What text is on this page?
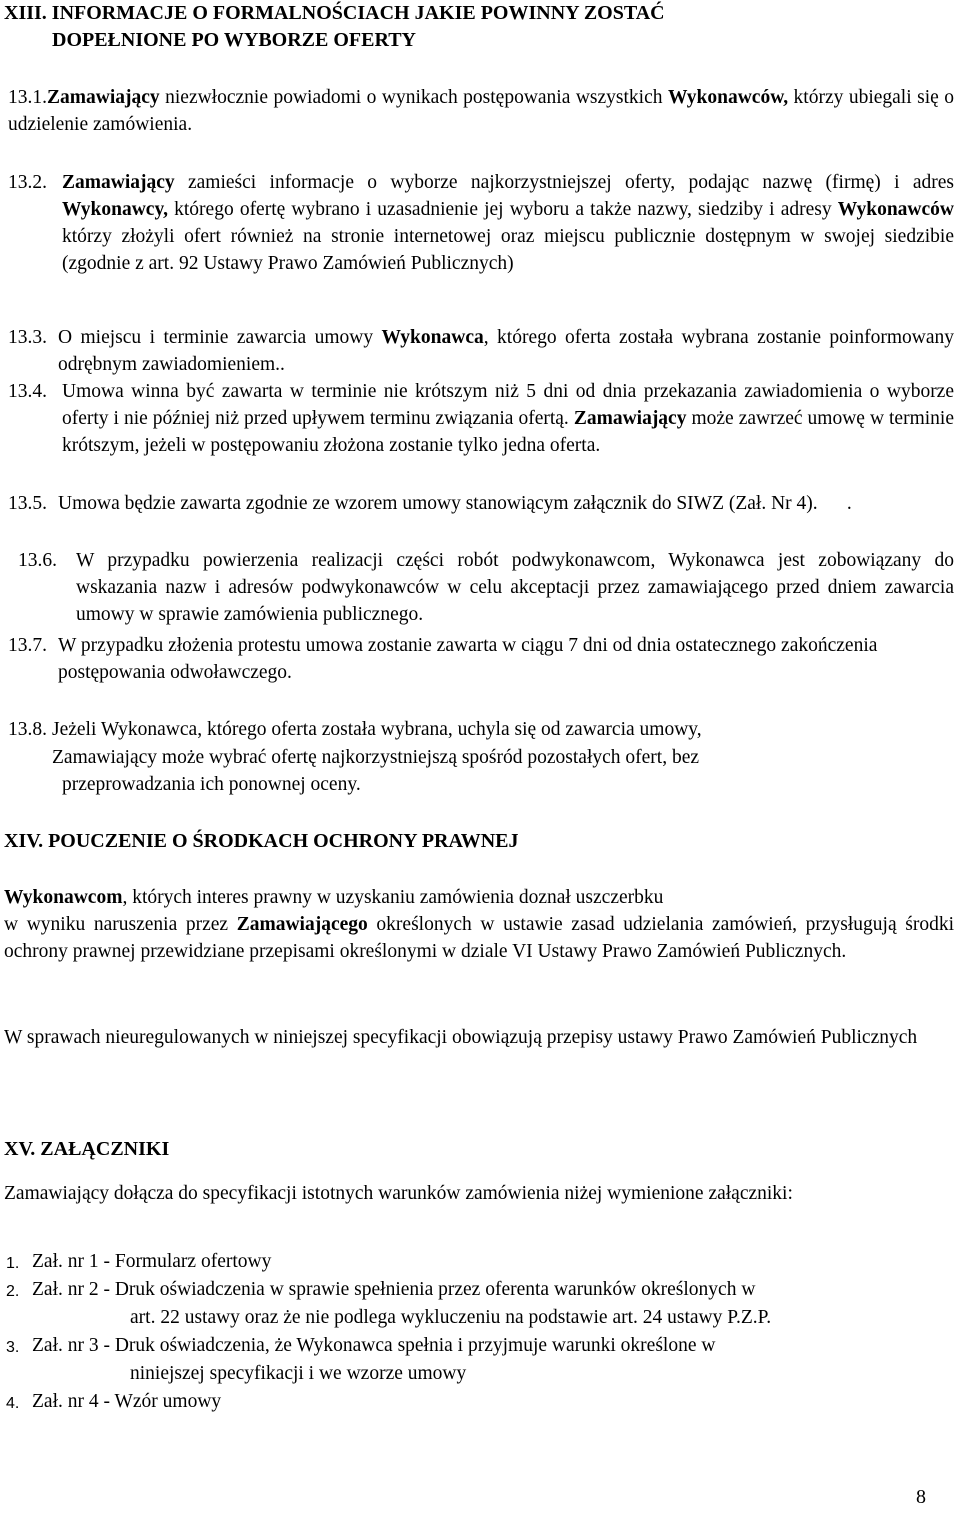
XIII. INFORMACJE O FORMALNOŚCIACH JAKIE POWINNY ZOSTAĆ
DOPEŁNIONE PO WYBORZE OFERTY
13.1.Zamawiający niezwłocznie powiadomi o wynikach postępowania wszystkich Wykonawców, którzy ubiegali się o udzielenie zamówienia.
13.2. Zamawiający zamieści informacje o wyborze najkorzystniejszej oferty, podając nazwę (firmę) i adres Wykonawcy, którego ofertę wybrano i uzasadnienie jej wyboru a także nazwy, siedziby i adresy Wykonawców którzy złożyli ofert również na stronie internetowej oraz miejscu publicznie dostępnym w swojej siedzibie (zgodnie z art. 92 Ustawy Prawo Zamówień Publicznych)
13.3. O miejscu i terminie zawarcia umowy Wykonawca, którego oferta została wybrana zostanie poinformowany odrębnym zawiadomieniem..
13.4. Umowa winna być zawarta w terminie nie krótszym niż 5 dni od dnia przekazania zawiadomienia o wyborze oferty i nie później niż przed upływem terminu związania ofertą. Zamawiający może zawrzeć umowę w terminie krótszym, jeżeli w postępowaniu złożona zostanie tylko jedna oferta.
13.5. Umowa będzie zawarta zgodnie ze wzorem umowy stanowiącym załącznik do SIWZ (Zał. Nr 4).      .
13.6. W przypadku powierzenia realizacji części robót podwykonawcom, Wykonawca jest zobowiązany do wskazania nazw i adresów podwykonawców w celu akceptacji przez zamawiającego przed dniem zawarcia umowy w sprawie zamówienia publicznego.
13.7. W przypadku złożenia protestu umowa zostanie zawarta w ciągu 7 dni od dnia ostatecznego zakończenia postępowania odwoławczego.
13.8. Jeżeli Wykonawca, którego oferta została wybrana, uchyla się od zawarcia umowy,
Zamawiający może wybrać ofertę najkorzystniejszą spośród pozostałych ofert, bez
przeprowadzania ich ponownej oceny.
XIV. POUCZENIE O ŚRODKACH OCHRONY PRAWNEJ
Wykonawcom, których interes prawny w uzyskaniu zamówienia doznał uszczerbku
w wyniku naruszenia przez Zamawiającego określonych w ustawie zasad udzielania zamówień, przysługują środki ochrony prawnej przewidziane przepisami określonymi w dziale VI Ustawy Prawo Zamówień Publicznych.
W sprawach nieuregulowanych w niniejszej specyfikacji obowiązują przepisy ustawy Prawo Zamówień Publicznych
XV. ZAŁĄCZNIKI
Zamawiający dołącza do specyfikacji istotnych warunków zamówienia niżej wymienione załączniki:
1. Zał. nr 1 - Formularz ofertowy
2. Zał. nr 2 - Druk oświadczenia w sprawie spełnienia przez oferenta warunków określonych w
art. 22 ustawy oraz że nie podlega wykluczeniu na podstawie art. 24 ustawy P.Z.P.
3. Zał. nr 3 - Druk oświadczenia, że Wykonawca spełnia i przyjmuje warunki określone w
niniejszej specyfikacji i we wzorze umowy
4. Zał. nr 4 - Wzór umowy
8
